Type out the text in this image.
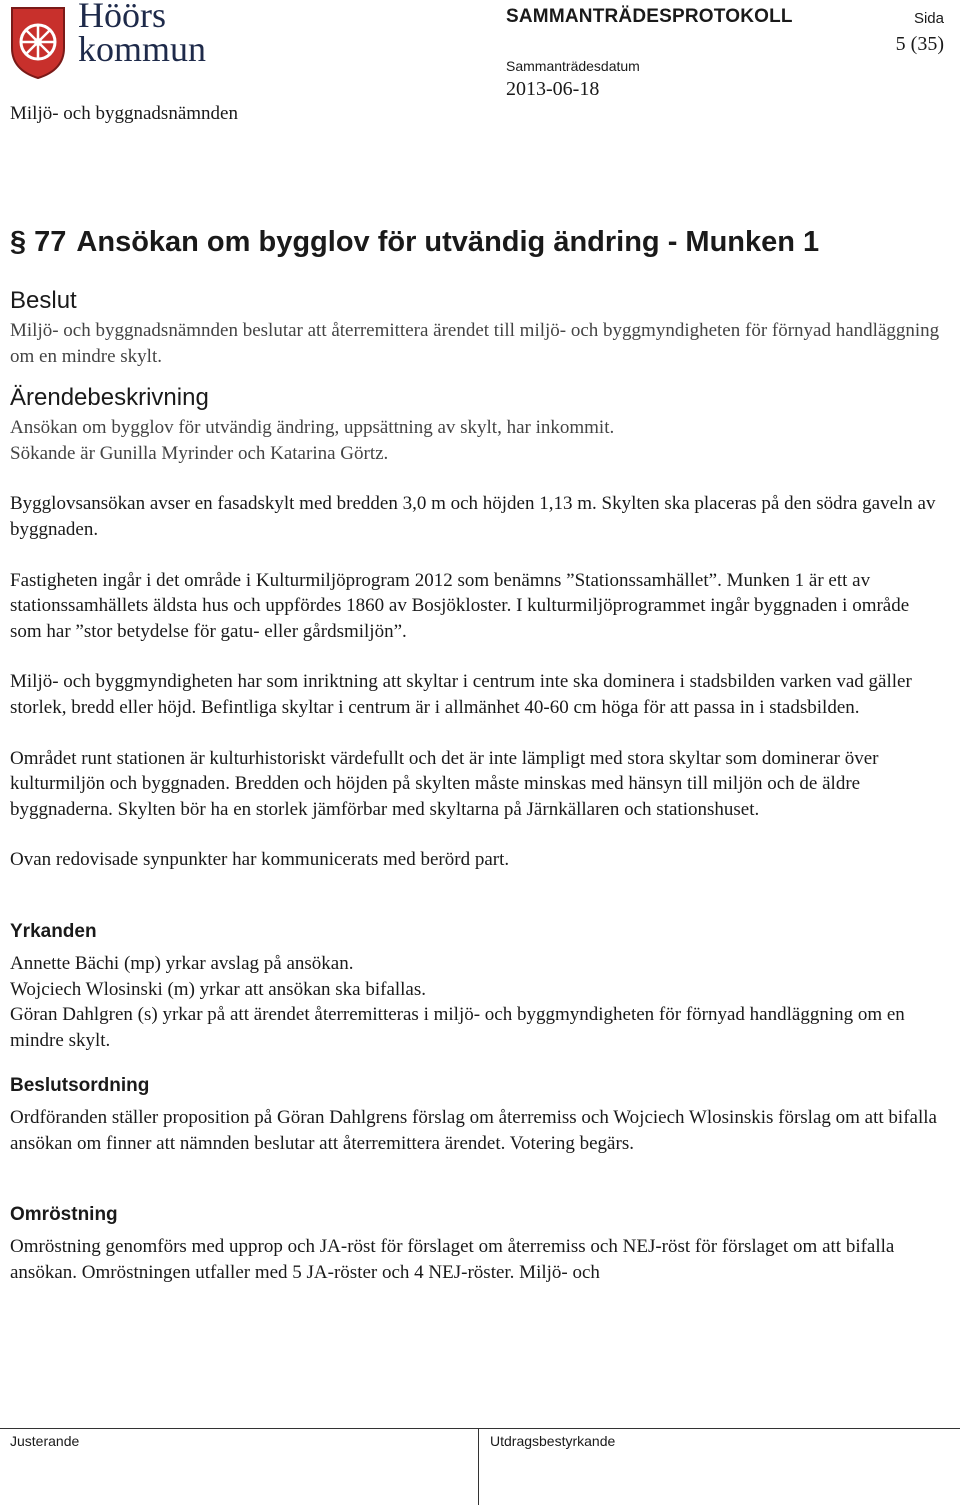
Höörs
kommun
Miljö- och byggnadsnämnden
SAMMANTRÄDESPROTOKOLL
Sammanträdesdatum
2013-06-18
Sida
5 (35)
§ 77 Ansökan om bygglov för utvändig ändring - Munken 1
Beslut

Miljö- och byggnadsnämnden beslutar att återremittera ärendet till miljö- och byggmyndigheten för förnyad handläggning om en mindre skylt.

Ärendebeskrivning

Ansökan om bygglov för utvändig ändring, uppsättning av skylt, har inkommit.

Sökande är Gunilla Myrinder och Katarina Görtz.

Bygglovsansökan avser en fasadskylt med bredden 3,0 m och höjden 1,13 m. Skylten ska placeras på den södra gaveln av byggnaden.

Fastigheten ingår i det område i Kulturmiljöprogram 2012 som benämns ”Stationssamhället”. Munken 1 är ett av stationssamhällets äldsta hus och uppfördes 1860 av Bosjökloster. I kulturmiljöprogrammet ingår byggnaden i område som har ”stor betydelse för gatu- eller gårdsmiljön”.

Miljö- och byggmyndigheten har som inriktning att skyltar i centrum inte ska dominera i stadsbilden varken vad gäller storlek, bredd eller höjd. Befintliga skyltar i centrum är i allmänhet 40-60 cm höga för att passa in i stadsbilden.

Området runt stationen är kulturhistoriskt värdefullt och det är inte lämpligt med stora skyltar som dominerar över kulturmiljön och byggnaden. Bredden och höjden på skylten måste minskas med hänsyn till miljön och de äldre byggnaderna. Skylten bör ha en storlek jämförbar med skyltarna på Järnkällaren och stationshuset.

Ovan redovisade synpunkter har kommunicerats med berörd part.

Yrkanden

Annette Bächi (mp) yrkar avslag på ansökan.

Wojciech Wlosinski (m) yrkar att ansökan ska bifallas.

Göran Dahlgren (s) yrkar på att ärendet återremitteras i miljö- och byggmyndigheten för förnyad handläggning om en mindre skylt.

Beslutsordning

Ordföranden ställer proposition på Göran Dahlgrens förslag om återremiss och Wojciech Wlosinskis förslag om att bifalla ansökan om finner att nämnden beslutar att återremittera ärendet. Votering begärs.

Omröstning

Omröstning genomförs med upprop och JA-röst för förslaget om återremiss och NEJ-röst för förslaget om att bifalla ansökan. Omröstningen utfaller med 5 JA-röster och 4 NEJ-röster. Miljö- och

Justerande	Utdragsbestyrkande
